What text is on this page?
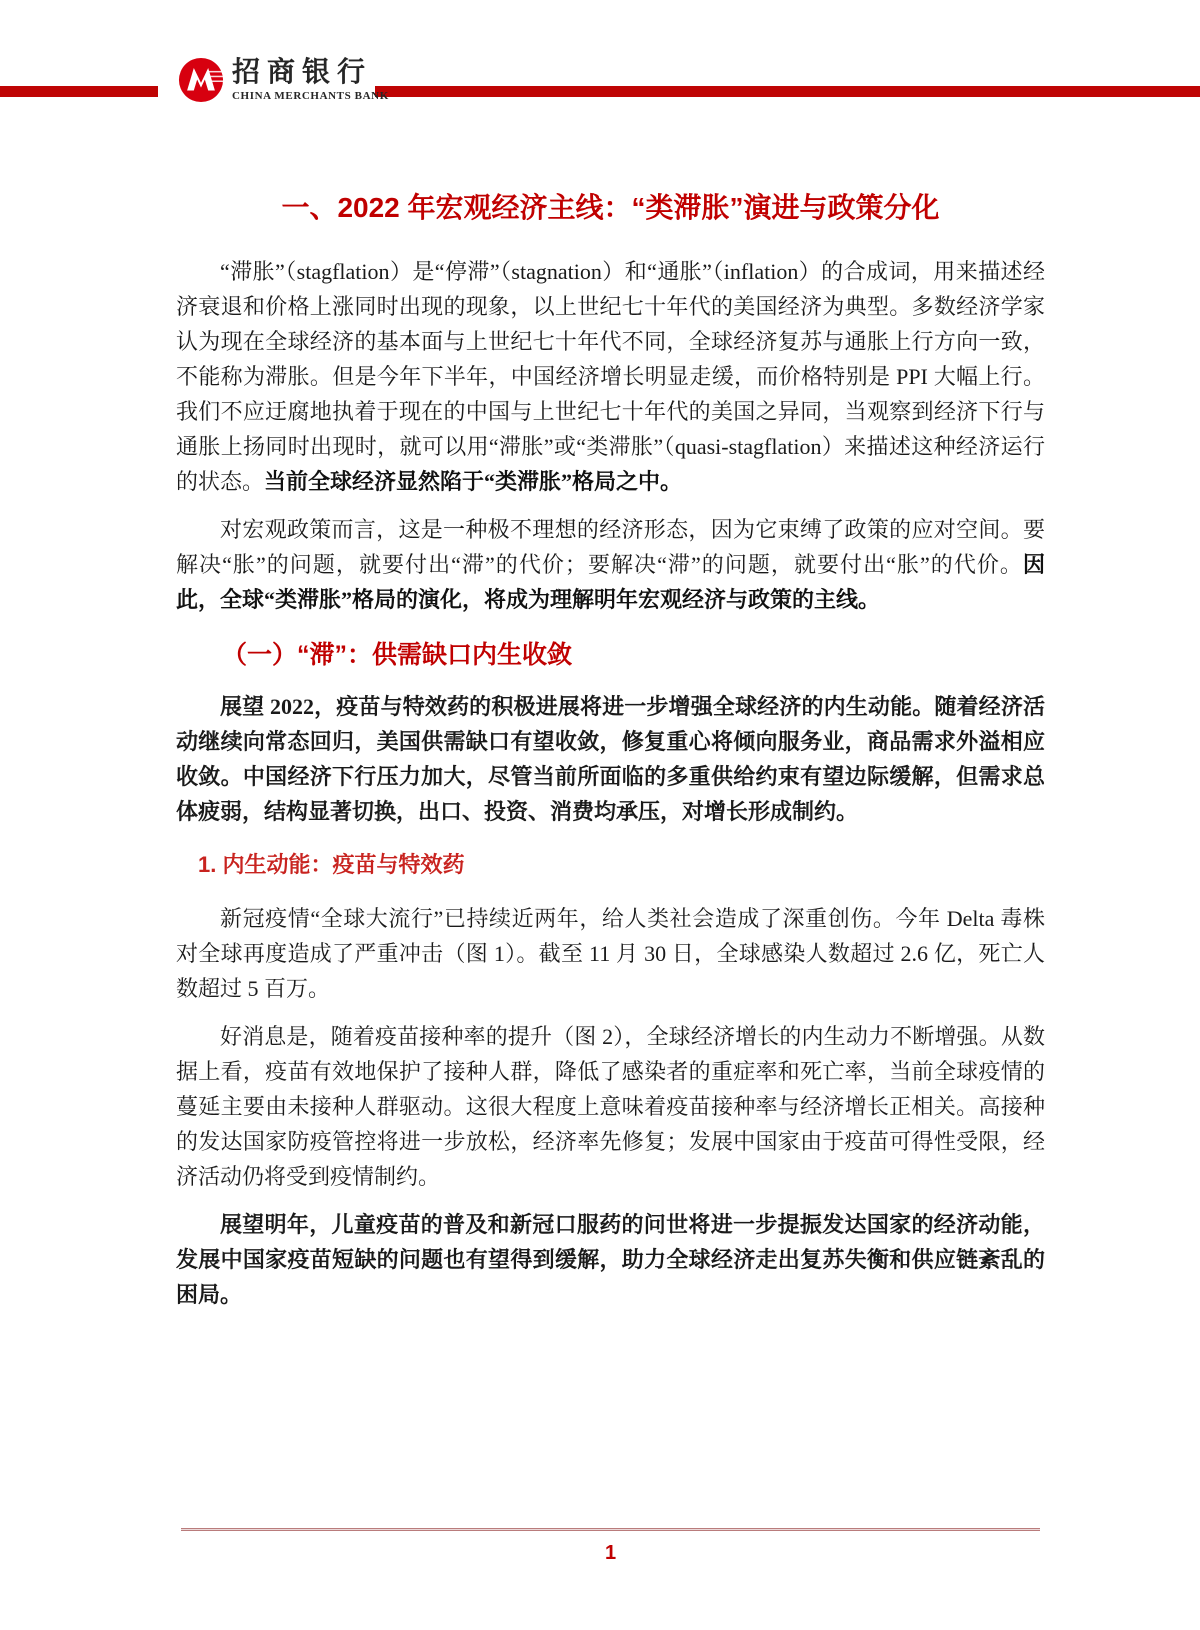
招商银行
CHINA MERCHANTS BANK
一、2022 年宏观经济主线：“类滞胀”演进与政策分化

“滞胀”（stagflation）是“停滞”（stagnation）和“通胀”（inflation）的合成词，用来描述经济衰退和价格上涨同时出现的现象，以上世纪七十年代的美国经济为典型。多数经济学家认为现在全球经济的基本面与上世纪七十年代不同，全球经济复苏与通胀上行方向一致，不能称为滞胀。但是今年下半年，中国经济增长明显走缓，而价格特别是 PPI 大幅上行。我们不应迂腐地执着于现在的中国与上世纪七十年代的美国之异同，当观察到经济下行与通胀上扬同时出现时，就可以用“滞胀”或“类滞胀”（quasi-stagflation）来描述这种经济运行的状态。当前全球经济显然陷于“类滞胀”格局之中。

对宏观政策而言，这是一种极不理想的经济形态，因为它束缚了政策的应对空间。要解决“胀”的问题，就要付出“滞”的代价；要解决“滞”的问题，就要付出“胀”的代价。因此，全球“类滞胀”格局的演化，将成为理解明年宏观经济与政策的主线。

（一）“滞”：供需缺口内生收敛

展望 2022，疫苗与特效药的积极进展将进一步增强全球经济的内生动能。随着经济活动继续向常态回归，美国供需缺口有望收敛，修复重心将倾向服务业，商品需求外溢相应收敛。中国经济下行压力加大，尽管当前所面临的多重供给约束有望边际缓解，但需求总体疲弱，结构显著切换，出口、投资、消费均承压，对增长形成制约。

1. 内生动能：疫苗与特效药

新冠疫情“全球大流行”已持续近两年，给人类社会造成了深重创伤。今年 Delta 毒株对全球再度造成了严重冲击（图 1）。截至 11 月 30 日，全球感染人数超过 2.6 亿，死亡人数超过 5 百万。

好消息是，随着疫苗接种率的提升（图 2），全球经济增长的内生动力不断增强。从数据上看，疫苗有效地保护了接种人群，降低了感染者的重症率和死亡率，当前全球疫情的蔓延主要由未接种人群驱动。这很大程度上意味着疫苗接种率与经济增长正相关。高接种的发达国家防疫管控将进一步放松，经济率先修复；发展中国家由于疫苗可得性受限，经济活动仍将受到疫情制约。

展望明年，儿童疫苗的普及和新冠口服药的问世将进一步提振发达国家的经济动能，发展中国家疫苗短缺的问题也有望得到缓解，助力全球经济走出复苏失衡和供应链紊乱的困局。

1
